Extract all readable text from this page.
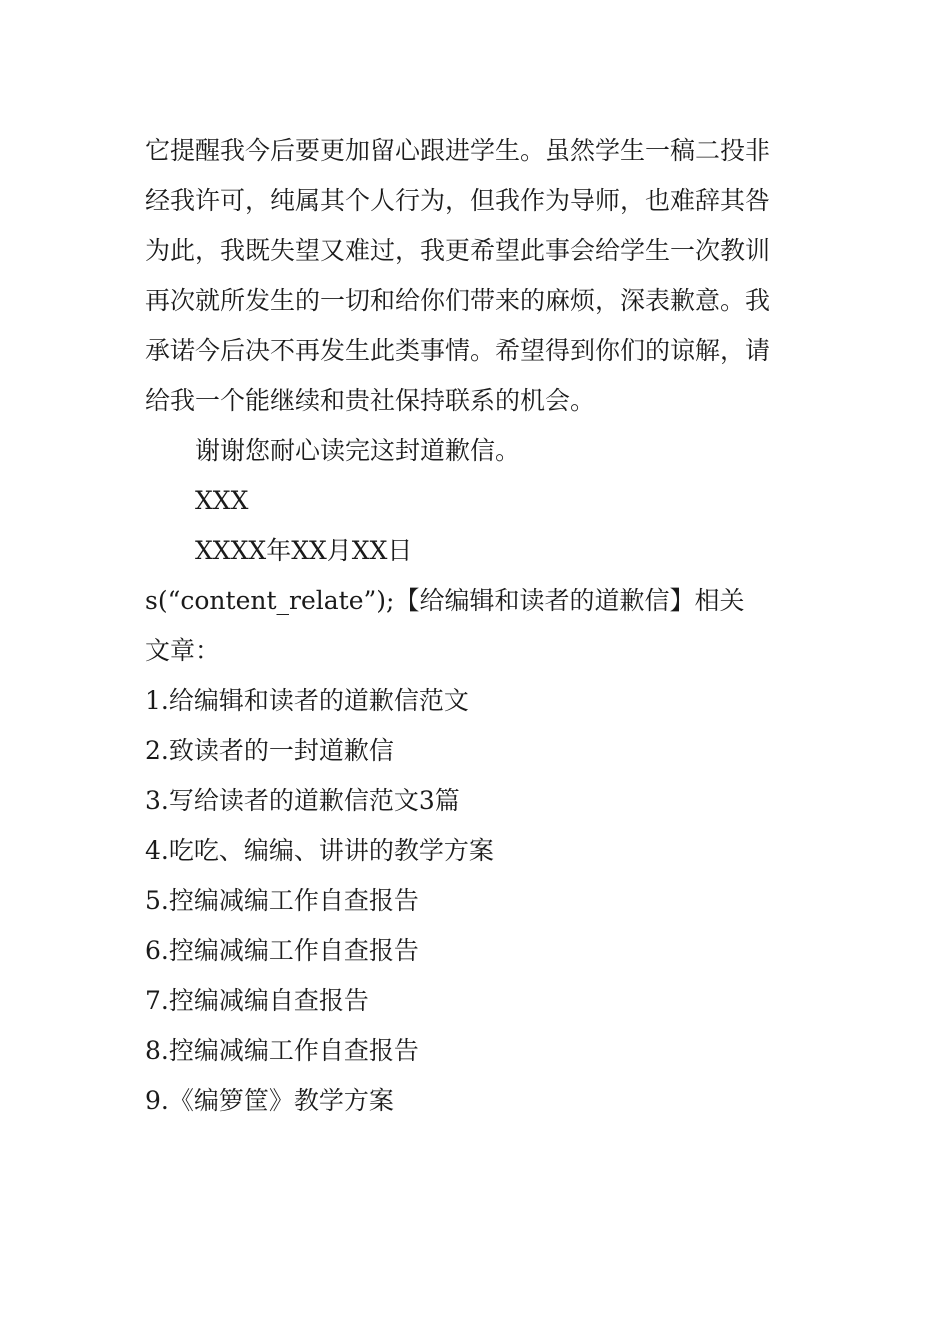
它提醒我今后要更加留心跟进学生。虽然学生一稿二投非
经我许可，纯属其个人行为，但我作为导师，也难辞其咎
为此，我既失望又难过，我更希望此事会给学生一次教训
再次就所发生的一切和给你们带来的麻烦，深表歉意。我
承诺今后决不再发生此类事情。希望得到你们的谅解，请
给我一个能继续和贵社保持联系的机会。
谢谢您耐心读完这封道歉信。
XXX
XXXX年XX月XX日
s(“content_relate”);【给编辑和读者的道歉信】相关
文章：
1.给编辑和读者的道歉信范文
2.致读者的一封道歉信
3.写给读者的道歉信范文3篇
4.吃吃、编编、讲讲的教学方案
5.控编减编工作自查报告
6.控编减编工作自查报告
7.控编减编自查报告
8.控编减编工作自查报告
9.《编箩筐》教学方案
